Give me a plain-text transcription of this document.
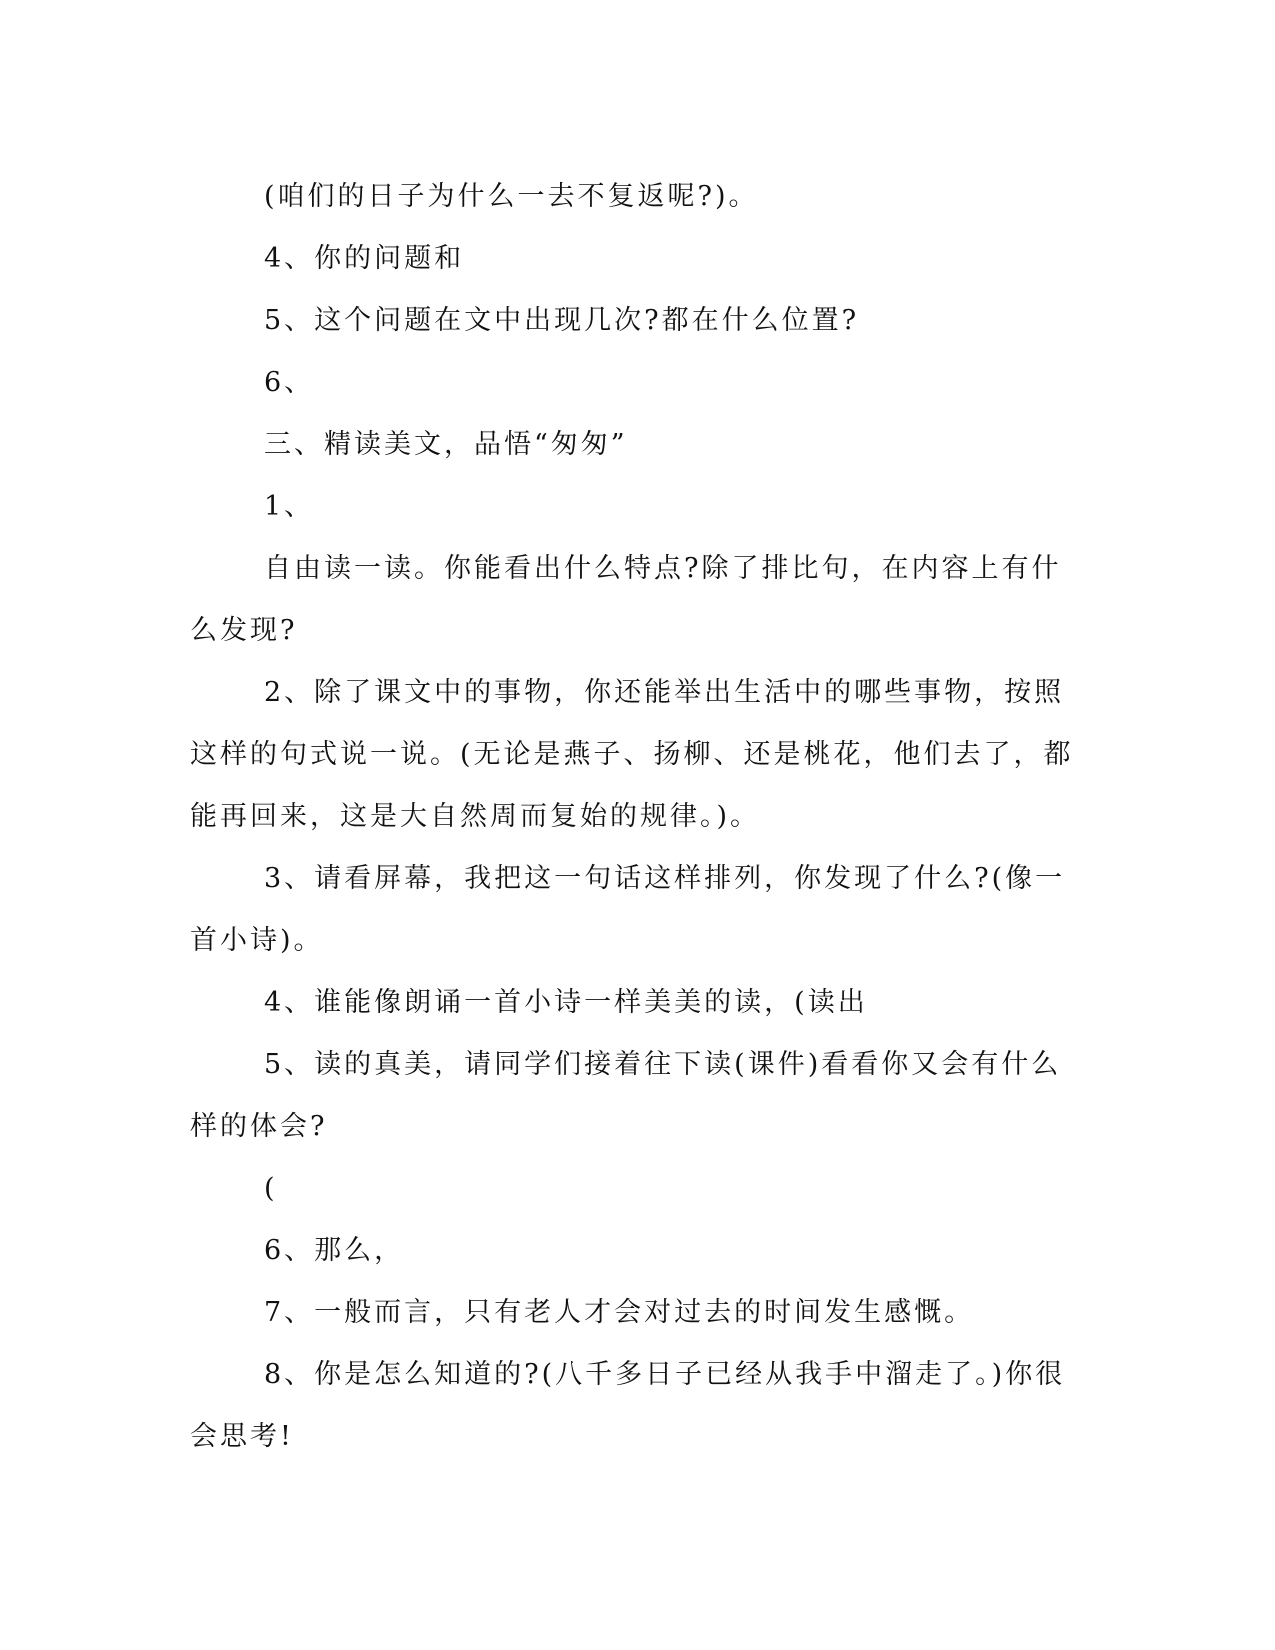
(咱们的日子为什么一去不复返呢?)。

4、你的问题和

5、这个问题在文中出现几次?都在什么位置?

6、

三、精读美文，品悟“匆匆”

1、

自由读一读。你能看出什么特点?除了排比句，在内容上有什么发现?

2、除了课文中的事物，你还能举出生活中的哪些事物，按照这样的句式说一说。(无论是燕子、扬柳、还是桃花，他们去了，都能再回来，这是大自然周而复始的规律。)。

3、请看屏幕，我把这一句话这样排列，你发现了什么?(像一首小诗)。

4、谁能像朗诵一首小诗一样美美的读，(读出

5、读的真美，请同学们接着往下读(课件)看看你又会有什么样的体会?

(

6、那么，

7、一般而言，只有老人才会对过去的时间发生感慨。

8、你是怎么知道的?(八千多日子已经从我手中溜走了。)你很会思考!
